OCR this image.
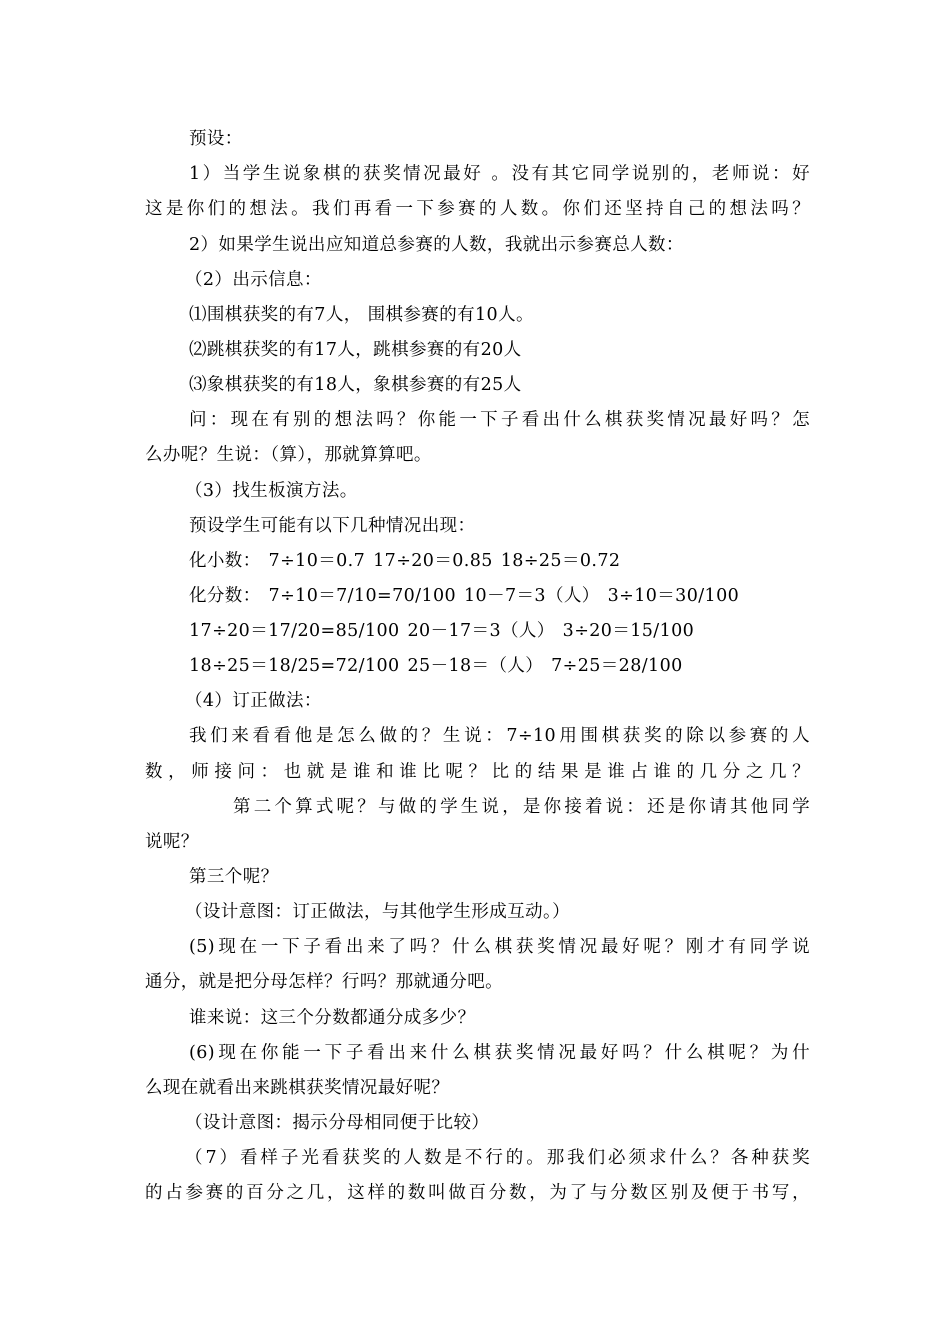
预设：
1）当学生说象棋的获奖情况最好 。没有其它同学说别的，老师说：好
这是你们的想法。我们再看一下参赛的人数。你们还坚持自己的想法吗？
2）如果学生说出应知道总参赛的人数，我就出示参赛总人数：
（2）出示信息：
⑴围棋获奖的有7人， 围棋参赛的有10人。
⑵跳棋获奖的有17人，跳棋参赛的有20人
⑶象棋获奖的有18人，象棋参赛的有25人
问：现在有别的想法吗？你能一下子看出什么棋获奖情况最好吗？怎
么办呢？生说：（算），那就算算吧。
（3）找生板演方法。
预设学生可能有以下几种情况出现：
化小数： 7÷10＝0.7 17÷20＝0.85 18÷25＝0.72
化分数： 7÷10＝7/10=70/100 10－7＝3（人） 3÷10＝30/100
17÷20＝17/20=85/100 20－17＝3（人） 3÷20＝15/100
18÷25＝18/25=72/100 25－18＝（人） 7÷25＝28/100
（4）订正做法：
我们来看看他是怎么做的？生说：7÷10用围棋获奖的除以参赛的人
数，师接问：也就是谁和谁比呢？比的结果是谁占谁的几分之几？
第二个算式呢？与做的学生说，是你接着说：还是你请其他同学
说呢？
第三个呢？
（设计意图：订正做法，与其他学生形成互动。）
(5)现在一下子看出来了吗？什么棋获奖情况最好呢？刚才有同学说
通分，就是把分母怎样？行吗？那就通分吧。
谁来说：这三个分数都通分成多少？
(6)现在你能一下子看出来什么棋获奖情况最好吗？什么棋呢？为什
么现在就看出来跳棋获奖情况最好呢？
（设计意图：揭示分母相同便于比较）
（7）看样子光看获奖的人数是不行的。那我们必须求什么？各种获奖
的占参赛的百分之几，这样的数叫做百分数，为了与分数区别及便于书写，
